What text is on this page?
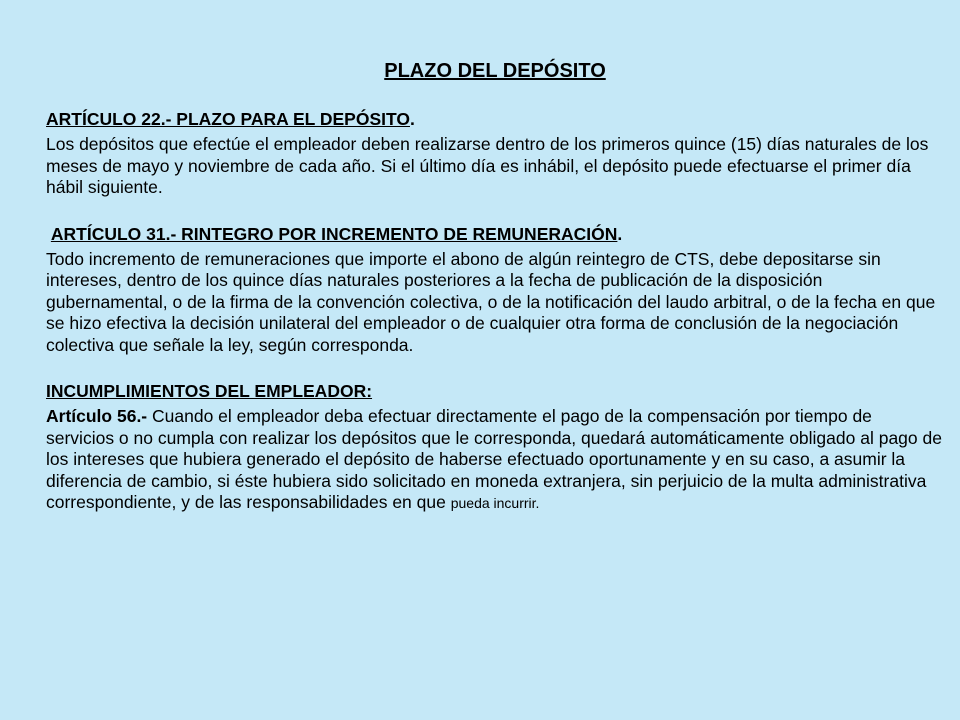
PLAZO DEL DEPÓSITO
ARTÍCULO 22.- PLAZO PARA EL DEPÓSITO.

Los depósitos que efectúe el empleador deben realizarse dentro de los primeros quince (15) días naturales de los meses de mayo y noviembre de cada año. Si el último día es inhábil, el depósito puede efectuarse el primer día hábil siguiente.

ARTÍCULO 31.- RINTEGRO POR INCREMENTO DE REMUNERACIÓN.

Todo incremento de remuneraciones que importe el abono de algún reintegro de CTS, debe depositarse sin intereses, dentro de los quince días naturales posteriores a la fecha de publicación de la disposición gubernamental, o de la firma de la convención colectiva, o de la notificación del laudo arbitral, o de la fecha en que se hizo efectiva la decisión unilateral del empleador o de cualquier otra forma de conclusión de la negociación colectiva que señale la ley, según corresponda.

INCUMPLIMIENTOS DEL EMPLEADOR:

Artículo 56.- Cuando el empleador deba efectuar directamente el pago de la compensación por tiempo de servicios o no cumpla con realizar los depósitos que le corresponda, quedará automáticamente obligado al pago de los intereses que hubiera generado el depósito de haberse efectuado oportunamente y en su caso, a asumir la diferencia de cambio, si éste hubiera sido solicitado en moneda extranjera, sin perjuicio de la multa administrativa correspondiente, y de las responsabilidades en que pueda incurrir.
